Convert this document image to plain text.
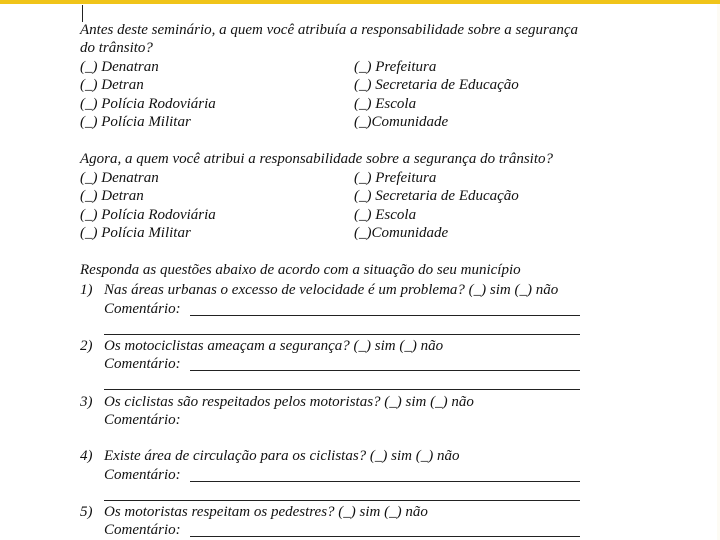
Antes deste seminário, a quem você atribuía a responsabilidade sobre a segurança
do trânsito?
(_) Denatran
(_) Detran
(_) Polícia Rodoviária
(_) Polícia Militar
(_) Prefeitura
(_) Secretaria de Educação
(_) Escola
(_)Comunidade
Agora, a quem você atribui a responsabilidade sobre a segurança do trânsito?
(_) Denatran
(_) Detran
(_) Polícia Rodoviária
(_) Polícia Militar
(_) Prefeitura
(_) Secretaria de Educação
(_) Escola
(_)Comunidade
Responda as questões abaixo de acordo com a situação do seu município
1) Nas áreas urbanas o excesso de velocidade é um problema? (_) sim (_) não
Comentário:
2) Os motociclistas ameaçam a segurança? (_) sim (_) não
Comentário:
3) Os ciclistas são respeitados pelos motoristas? (_) sim (_) não
Comentário:
4) Existe área de circulação para os ciclistas? (_) sim (_) não
Comentário:
5) Os motoristas respeitam os pedestres? (_) sim (_) não
Comentário:
